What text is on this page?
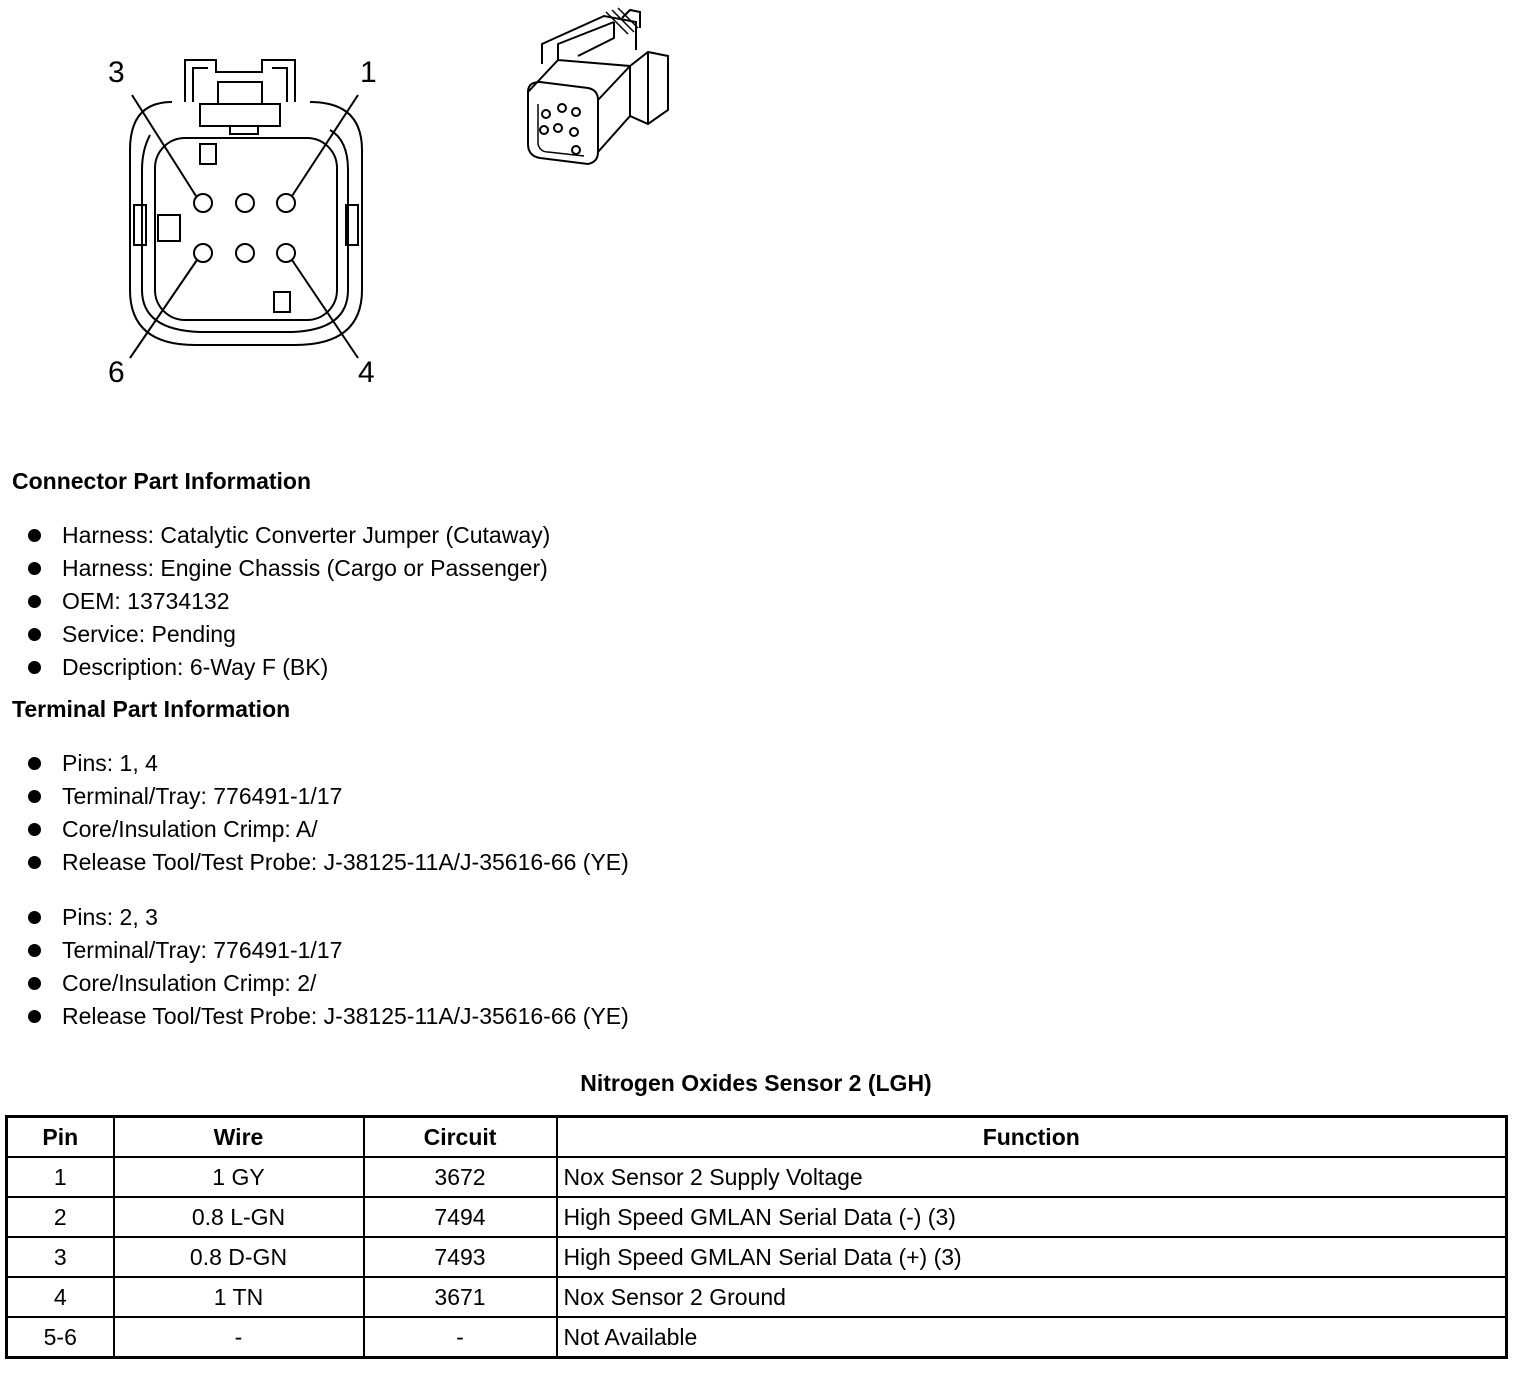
3	1
6	4
Connector Part Information
Harness: Catalytic Converter Jumper (Cutaway)
Harness: Engine Chassis (Cargo or Passenger)
OEM: 13734132
Service: Pending
Description: 6-Way F (BK)
Terminal Part Information
Pins: 1, 4
Terminal/Tray: 776491-1/17
Core/Insulation Crimp: A/
Release Tool/Test Probe: J-38125-11A/J-35616-66 (YE)
Pins: 2, 3
Terminal/Tray: 776491-1/17
Core/Insulation Crimp: 2/
Release Tool/Test Probe: J-38125-11A/J-35616-66 (YE)
Nitrogen Oxides Sensor 2 (LGH)
Pin	Wire	Circuit	Function
1	1 GY	3672	Nox Sensor 2 Supply Voltage
2	0.8 L-GN	7494	High Speed GMLAN Serial Data (-) (3)
3	0.8 D-GN	7493	High Speed GMLAN Serial Data (+) (3)
4	1 TN	3671	Nox Sensor 2 Ground
5-6	-	-	Not Available
